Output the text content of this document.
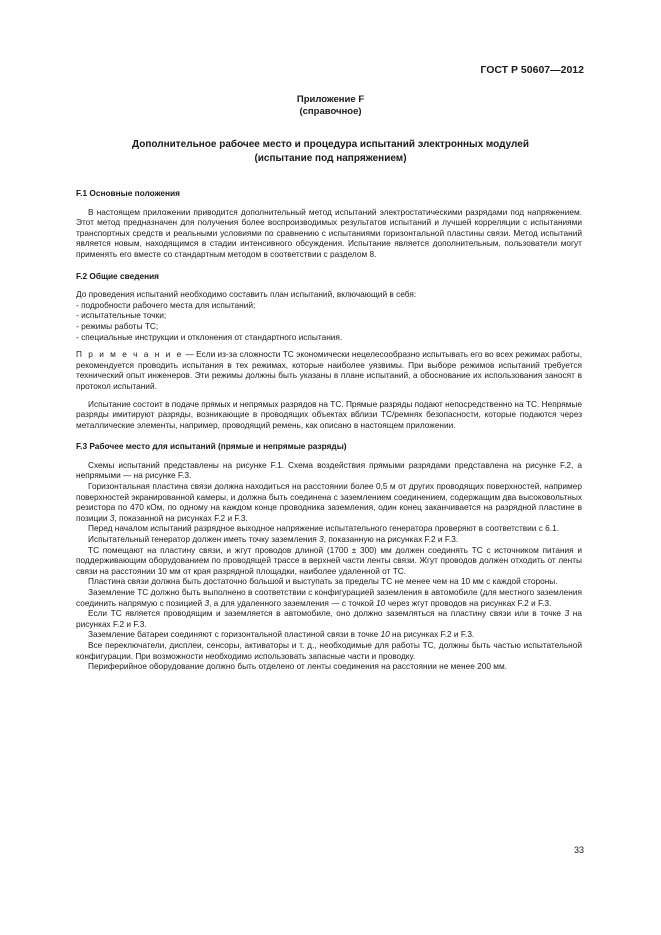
ГОСТ Р 50607—2012
Приложение F
(справочное)
Дополнительное рабочее место и процедура испытаний электронных модулей
(испытание под напряжением)
F.1 Основные положения

В настоящем приложении приводится дополнительный метод испытаний электростатическими разрядами под напряжением. Этот метод предназначен для получения более воспроизводимых результатов испытаний и лучшей корреляции с испытаниями транспортных средств и реальными условиями по сравнению с испытаниями горизонтальной пластины связи. Метод испытаний является новым, находящимся в стадии интенсивного обсуждения. Испытание является дополнительным, пользователи могут применять его вместе со стандартным методом в соответствии с разделом 8.

F.2 Общие сведения

До проведения испытаний необходимо составить план испытаний, включающий в себя:

- подробности рабочего места для испытаний;

- испытательные точки;

- режимы работы ТС;

- специальные инструкции и отклонения от стандартного испытания.

П р и м е ч а н и е — Если из-за сложности ТС экономически нецелесообразно испытывать его во всех режимах работы, рекомендуется проводить испытания в тех режимах, которые наиболее уязвимы. При выборе режимов испытаний требуется технический опыт инженеров. Эти режимы должны быть указаны в плане испытаний, а обоснование их использования заносят в протокол испытаний.

Испытание состоит в подаче прямых и непрямых разрядов на ТС. Прямые разряды подают непосредственно на ТС. Непрямые разряды имитируют разряды, возникающие в проводящих объектах вблизи ТС/ремнях безопасности, которые подаются через металлические элементы, например, проводящий ремень, как описано в настоящем приложении.

F.3 Рабочее место для испытаний (прямые и непрямые разряды)

Схемы испытаний представлены на рисунке F.1. Схема воздействия прямыми разрядами представлена на рисунке F.2, а непрямыми — на рисунке F.3.

Горизонтальная пластина связи должна находиться на расстоянии более 0,5 м от других проводящих поверхностей, например поверхностей экранированной камеры, и должна быть соединена с заземлением соединением, содержащим два высоковольтных резистора по 470 кОм, по одному на каждом конце проводника заземления, один конец заканчивается на разрядной пластине в позиции 3, показанной на рисунках F.2 и F.3.

Перед началом испытаний разрядное выходное напряжение испытательного генератора проверяют в соответствии с 6.1.

Испытательный генератор должен иметь точку заземления 3, показанную на рисунках F.2 и F.3.

ТС помещают на пластину связи, и жгут проводов длиной (1700 ± 300) мм должен соединять ТС с источником питания и поддерживающим оборудованием по проводящей трассе в верхней части ленты связи. Жгут проводов должен отходить от ленты связи на расстоянии 10 мм от края разрядной площадки, наиболее удаленной от ТС.

Пластина связи должна быть достаточно большой и выступать за пределы ТС не менее чем на 10 мм с каждой стороны.

Заземление ТС должно быть выполнено в соответствии с конфигурацией заземления в автомобиле (для местного заземления соединить напрямую с позицией 3, а для удаленного заземления — с точкой 10 через жгут проводов на рисунках F.2 и F.3.

Если ТС является проводящим и заземляется в автомобиле, оно должно заземляться на пластину связи или в точке 3 на рисунках F.2 и F.3.

Заземление батареи соединяют с горизонтальной пластиной связи в точке 10 на рисунках F.2 и F.3.

Все переключатели, дисплеи, сенсоры, активаторы и т. д., необходимые для работы ТС, должны быть частью испытательной конфигурации. При возможности необходимо использовать запасные части и проводку.

Периферийное оборудование должно быть отделено от ленты соединения на расстоянии не менее 200 мм.

33
